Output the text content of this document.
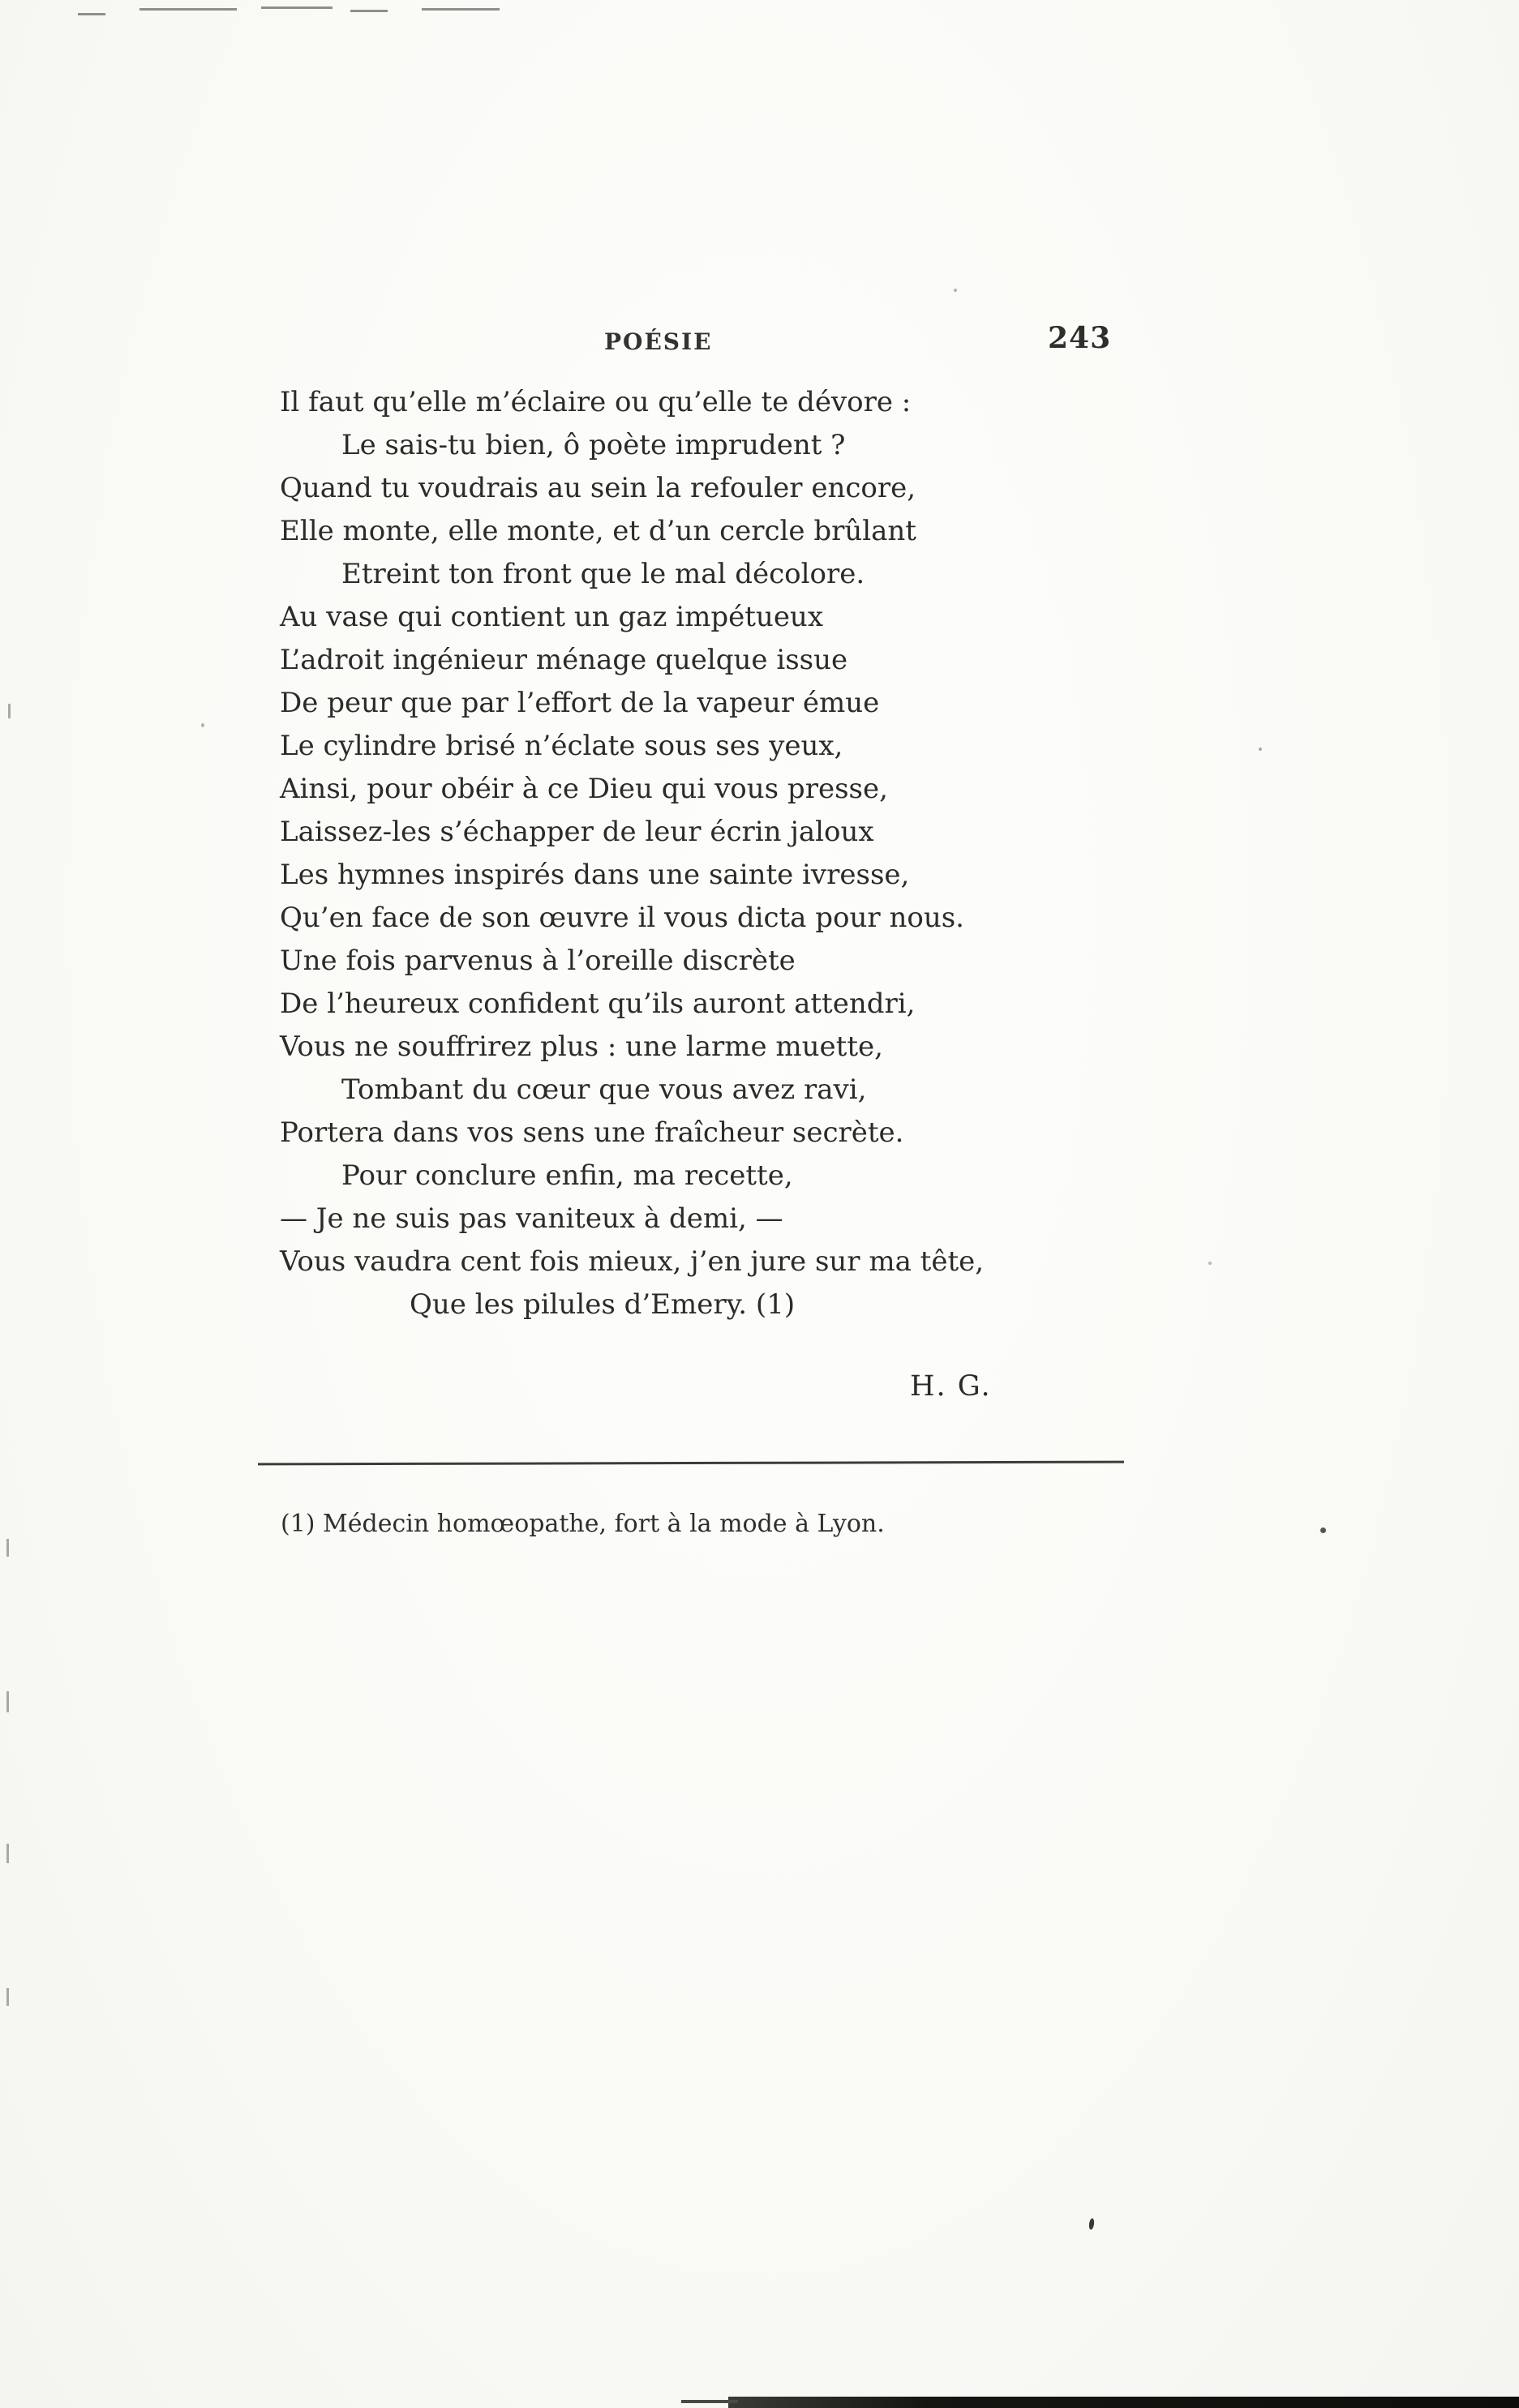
POÉSIE	243
Il faut qu’elle m’éclaire ou qu’elle te dévore :
Le sais-tu bien, ô poète imprudent ?
Quand tu voudrais au sein la refouler encore,
Elle monte, elle monte, et d’un cercle brûlant
Etreint ton front que le mal décolore.
Au vase qui contient un gaz impétueux
L’adroit ingénieur ménage quelque issue
De peur que par l’effort de la vapeur émue
Le cylindre brisé n’éclate sous ses yeux,
Ainsi, pour obéir à ce Dieu qui vous presse,
Laissez-les s’échapper de leur écrin jaloux
Les hymnes inspirés dans une sainte ivresse,
Qu’en face de son œuvre il vous dicta pour nous.
Une fois parvenus à l’oreille discrète
De l’heureux confident qu’ils auront attendri,
Vous ne souffrirez plus : une larme muette,
Tombant du cœur que vous avez ravi,
Portera dans vos sens une fraîcheur secrète.
Pour conclure enfin, ma recette,
— Je ne suis pas vaniteux à demi, —
Vous vaudra cent fois mieux, j’en jure sur ma tête,
Que les pilules d’Emery. (1)
H. G.
(1) Médecin homœopathe, fort à la mode à Lyon.
